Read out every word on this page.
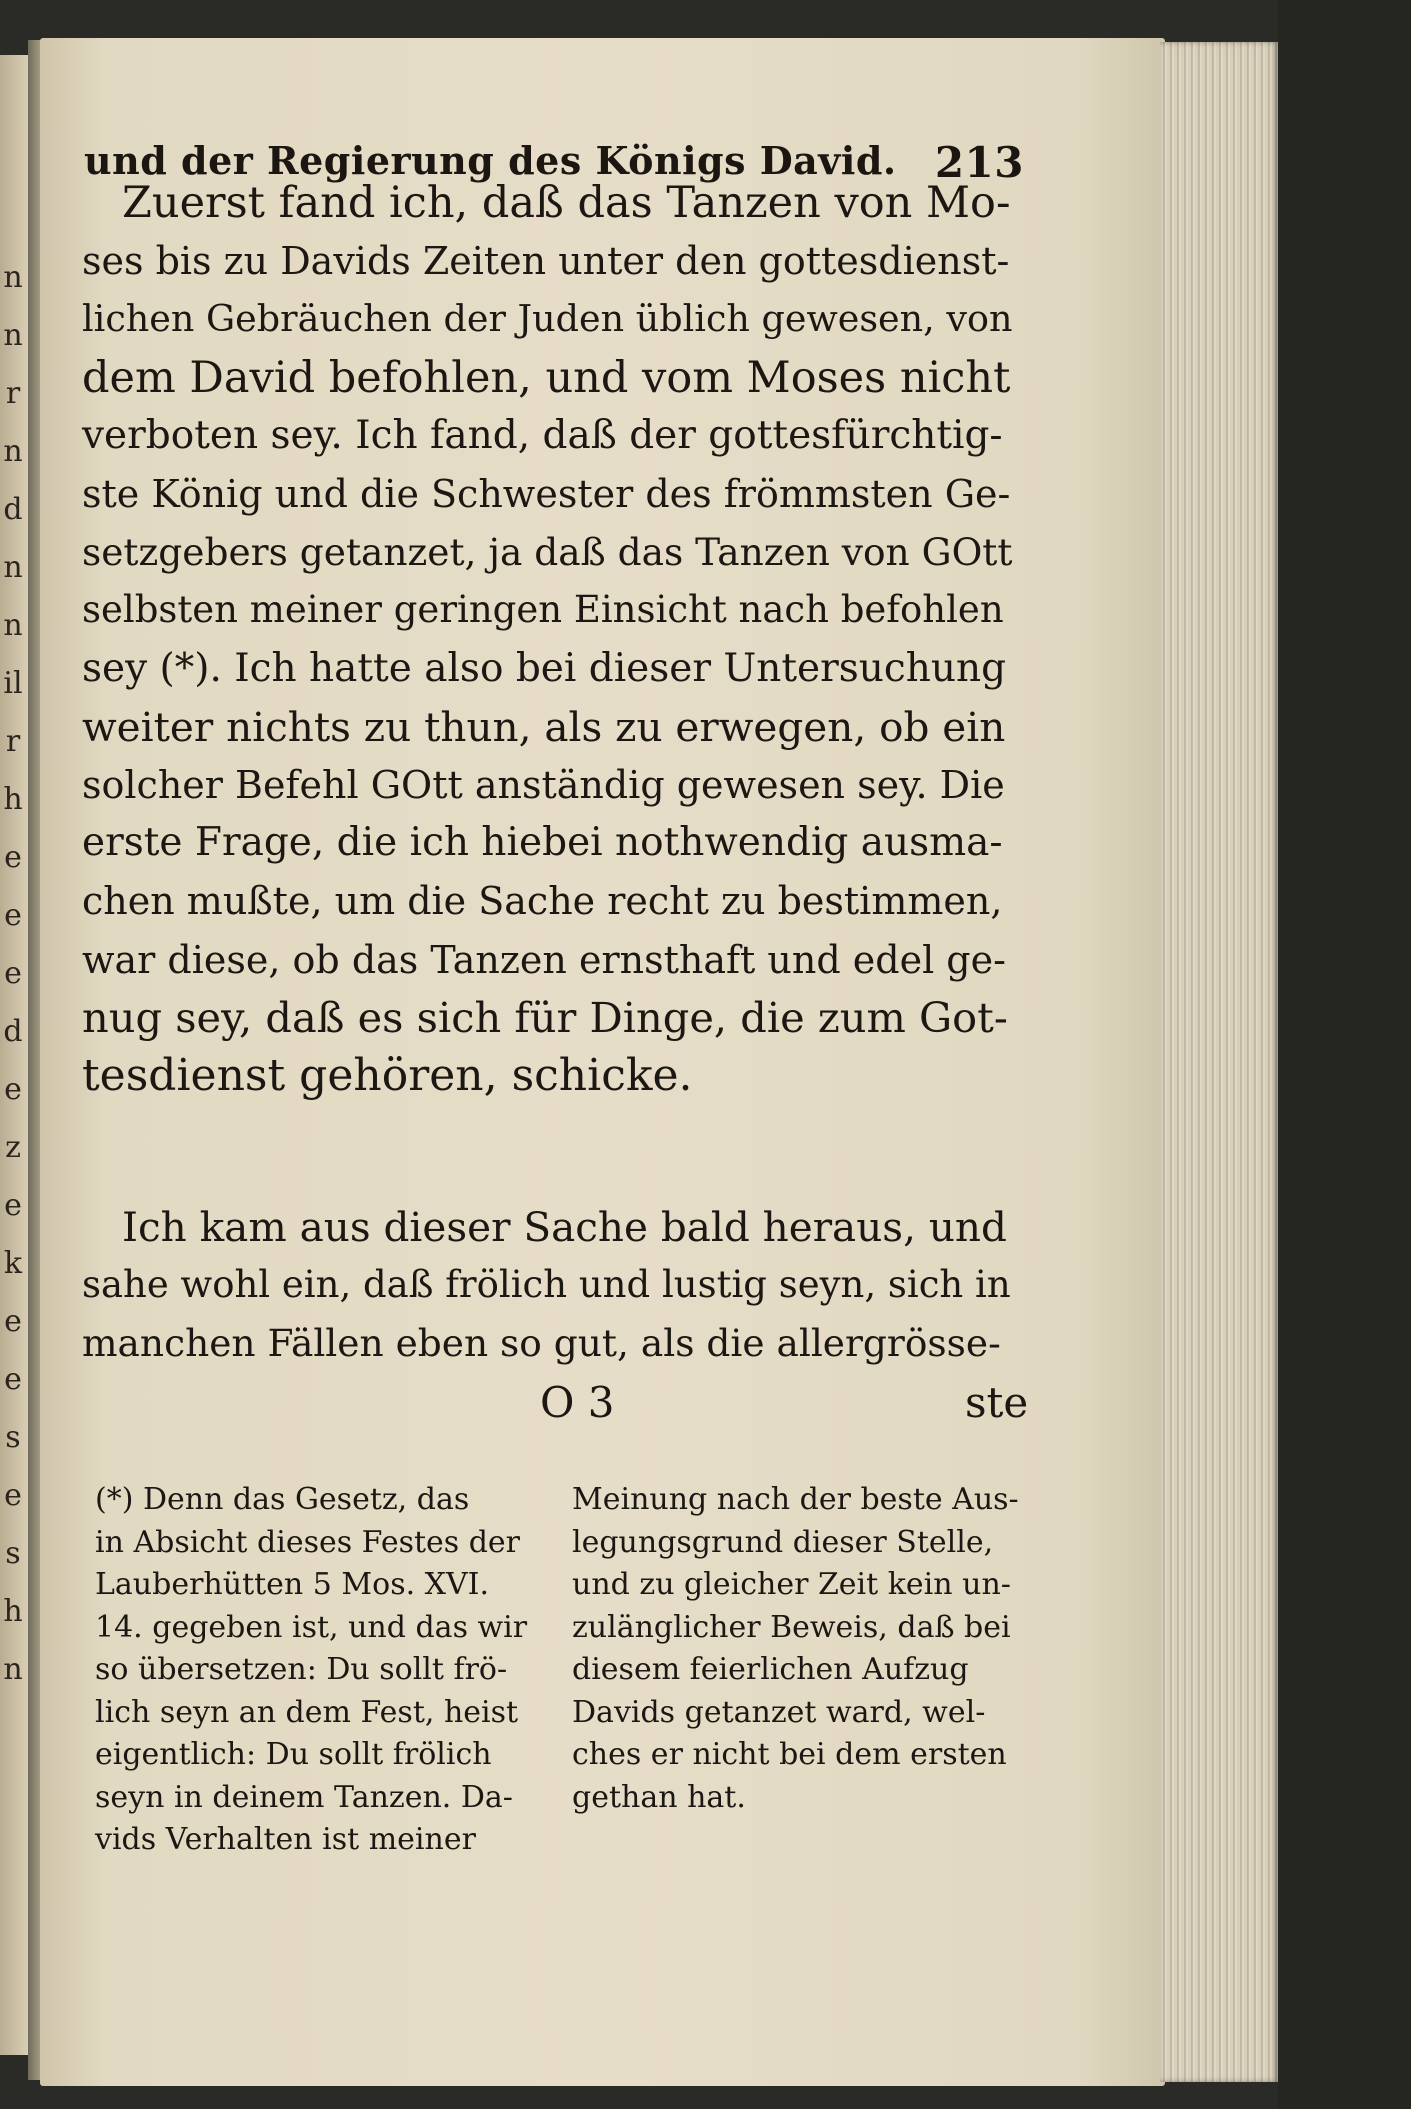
n
n
r
n
d
n
n
il
r
h
e
e
e
d
e
z
e
k
e
e
s
e
s
h
n
und der Regierung des Königs David. 213
Zuerst fand ich, daß das Tanzen von Mo-
ses bis zu Davids Zeiten unter den gottesdienst-
lichen Gebräuchen der Juden üblich gewesen, von
dem David befohlen, und vom Moses nicht
verboten sey. Ich fand, daß der gottesfürchtig-
ste König und die Schwester des frömmsten Ge-
setzgebers getanzet, ja daß das Tanzen von GOtt
selbsten meiner geringen Einsicht nach befohlen
sey (*). Ich hatte also bei dieser Untersuchung
weiter nichts zu thun, als zu erwegen, ob ein
solcher Befehl GOtt anständig gewesen sey. Die
erste Frage, die ich hiebei nothwendig ausma-
chen mußte, um die Sache recht zu bestimmen,
war diese, ob das Tanzen ernsthaft und edel ge-
nug sey, daß es sich für Dinge, die zum Got-
tesdienst gehören, schicke.
Ich kam aus dieser Sache bald heraus, und
sahe wohl ein, daß frölich und lustig seyn, sich in
manchen Fällen eben so gut, als die allergrösse-
O 3	ste
(*) Denn das Gesetz, das
in Absicht dieses Festes der
Lauberhütten 5 Mos. XVI.
14. gegeben ist, und das wir
so übersetzen: Du sollt frö-
lich seyn an dem Fest, heist
eigentlich: Du sollt frölich
seyn in deinem Tanzen. Da-
vids Verhalten ist meiner
Meinung nach der beste Aus-
legungsgrund dieser Stelle,
und zu gleicher Zeit kein un-
zulänglicher Beweis, daß bei
diesem feierlichen Aufzug
Davids getanzet ward, wel-
ches er nicht bei dem ersten
gethan hat.
